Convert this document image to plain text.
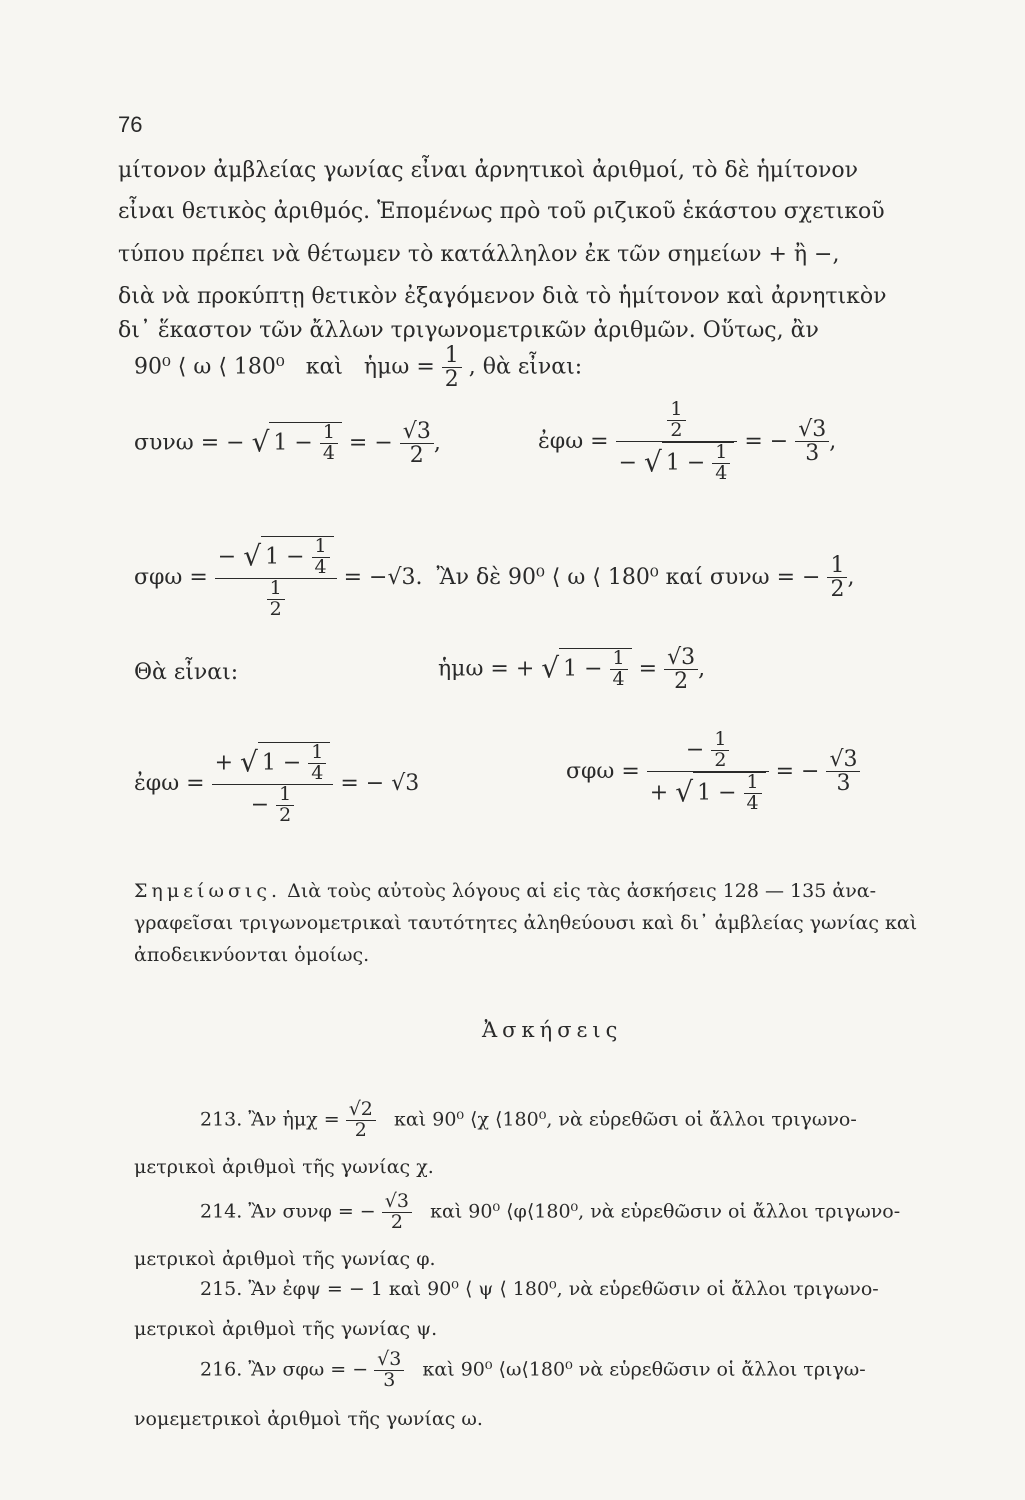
76
μίτονον ἀμβλείας γωνίας εἶναι ἀρνητικοὶ ἀριθμοί, τὸ δὲ ἡμίτονον
εἶναι θετικὸς ἀριθμός. Ἑπομένως πρὸ τοῦ ριζικοῦ ἑκάστου σχετικοῦ
τύπου πρέπει νὰ θέτωμεν τὸ κατάλληλον ἐκ τῶν σημείων + ἢ −,
διὰ νὰ προκύπτῃ θετικὸν ἐξαγόμενον διὰ τὸ ἡμίτονον καὶ ἀρνητικὸν
δι᾽ ἕκαστον τῶν ἄλλων τριγωνομετρικῶν ἀριθμῶν. Οὕτως, ἂν
90⁰ ⟨ ω ⟨ 180⁰ καὶ ἡμω = $\frac{1}{2}$ , θὰ εἶναι:
συνω = − √ $1 - \frac{1}{4}$ = − $\frac{√3}{2}$ ,	ἐφω = $\frac{\frac{1}{2}}{- √ 1 - \frac{1}{4}}$ = − $\frac{√3}{3}$ ,
$\sigma\varphi\omega = \frac{- √ 1 - \frac{1}{4}}{\frac{1}{2}} = -√3$. Ἂν δὲ 90⁰ ⟨ ω ⟨ 180⁰ καί συνω = − $\frac{1}{2}$ ,
Θὰ εἶναι:	ἡμω = + √ $1 - \frac{1}{4} = \frac{√3}{2}$ ,
ἐφω = $\frac{+ √ 1 - \frac{1}{4}}{- \frac{1}{2}}$ = − √3	$\sigma\varphi\omega = \frac{- \frac{1}{2}}{+ √ 1 - \frac{1}{4}}$ = − $\frac{√3}{3}$
Σημείωσις. Διὰ τοὺς αὐτοὺς λόγους αἱ εἰς τὰς ἀσκήσεις 128 — 135 ἀνα-
γραφεῖσαι τριγωνομετρικαὶ ταυτότητες ἀληθεύουσι καὶ δι᾽ ἀμβλείας γωνίας καὶ
ἀποδεικνύονται ὁμοίως.
Ἀσκήσεις
213. Ἂν ἡμχ = $\frac{√2}{2}$ καὶ 90⁰ ⟨χ ⟨180⁰, νὰ εὑρεθῶσι οἱ ἄλλοι τριγωνο-
μετρικοὶ ἀριθμοὶ τῆς γωνίας χ.
214. Ἂν συνφ = − $\frac{√3}{2}$ καὶ 90⁰ ⟨φ⟨180⁰, νὰ εὑρεθῶσιν οἱ ἄλλοι τριγωνο-
μετρικοὶ ἀριθμοὶ τῆς γωνίας φ.
215. Ἂν ἐφψ = − 1 καὶ 90⁰ ⟨ ψ ⟨ 180⁰, νὰ εὑρεθῶσιν οἱ ἄλλοι τριγωνο-
μετρικοὶ ἀριθμοὶ τῆς γωνίας ψ.
216. Ἂν σφω = − $\frac{√3}{3}$ καὶ 90⁰ ⟨ω⟨180⁰ νὰ εὑρεθῶσιν οἱ ἄλλοι τριγω-
νομεμετρικοὶ ἀριθμοὶ τῆς γωνίας ω.
